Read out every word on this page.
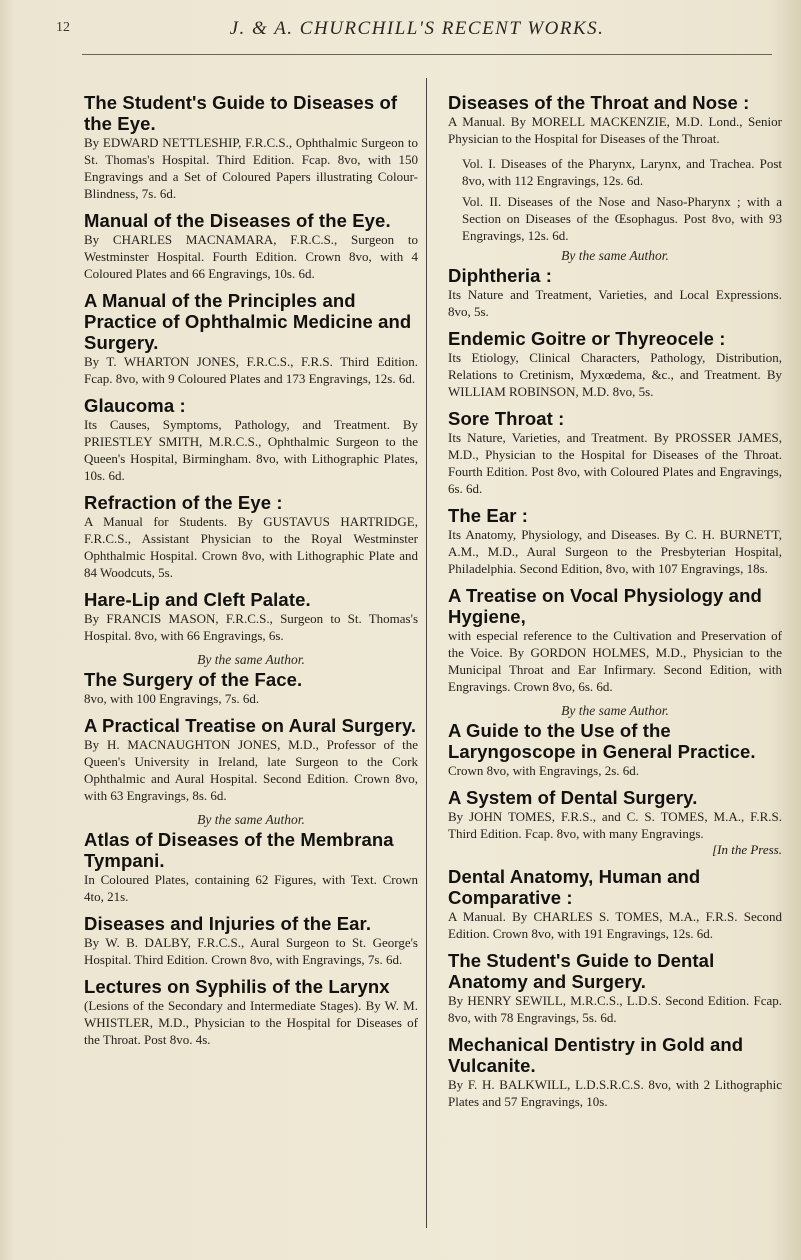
12	J. & A. CHURCHILL'S RECENT WORKS.
The Student's Guide to Diseases of the Eye.
By EDWARD NETTLESHIP, F.R.C.S., Ophthalmic Surgeon to St. Thomas's Hospital. Third Edition. Fcap. 8vo, with 150 Engravings and a Set of Coloured Papers illustrating Colour-Blindness, 7s. 6d.
Manual of the Diseases of the Eye.
By CHARLES MACNAMARA, F.R.C.S., Surgeon to Westminster Hospital. Fourth Edition. Crown 8vo, with 4 Coloured Plates and 66 Engravings, 10s. 6d.
A Manual of the Principles and Practice of Ophthalmic Medicine and Surgery.
By T. WHARTON JONES, F.R.C.S., F.R.S. Third Edition. Fcap. 8vo, with 9 Coloured Plates and 173 Engravings, 12s. 6d.
Glaucoma :
Its Causes, Symptoms, Pathology, and Treatment. By PRIESTLEY SMITH, M.R.C.S., Ophthalmic Surgeon to the Queen's Hospital, Birmingham. 8vo, with Lithographic Plates, 10s. 6d.
Refraction of the Eye :
A Manual for Students. By GUSTAVUS HARTRIDGE, F.R.C.S., Assistant Physician to the Royal Westminster Ophthalmic Hospital. Crown 8vo, with Lithographic Plate and 84 Woodcuts, 5s.
Hare-Lip and Cleft Palate.
By FRANCIS MASON, F.R.C.S., Surgeon to St. Thomas's Hospital. 8vo, with 66 Engravings, 6s.
By the same Author.
The Surgery of the Face.
8vo, with 100 Engravings, 7s. 6d.
A Practical Treatise on Aural Surgery.
By H. MACNAUGHTON JONES, M.D., Professor of the Queen's University in Ireland, late Surgeon to the Cork Ophthalmic and Aural Hospital. Second Edition. Crown 8vo, with 63 Engravings, 8s. 6d.
By the same Author.
Atlas of Diseases of the Membrana Tympani.
In Coloured Plates, containing 62 Figures, with Text. Crown 4to, 21s.
Diseases and Injuries of the Ear.
By W. B. DALBY, F.R.C.S., Aural Surgeon to St. George's Hospital. Third Edition. Crown 8vo, with Engravings, 7s. 6d.
Lectures on Syphilis of the Larynx
(Lesions of the Secondary and Intermediate Stages). By W. M. WHISTLER, M.D., Physician to the Hospital for Diseases of the Throat. Post 8vo. 4s.
Diseases of the Throat and Nose :
A Manual. By MORELL MACKENZIE, M.D. Lond., Senior Physician to the Hospital for Diseases of the Throat.
Vol. I. Diseases of the Pharynx, Larynx, and Trachea. Post 8vo, with 112 Engravings, 12s. 6d.
Vol. II. Diseases of the Nose and Naso-Pharynx ; with a Section on Diseases of the Œsophagus. Post 8vo, with 93 Engravings, 12s. 6d.
By the same Author.
Diphtheria :
Its Nature and Treatment, Varieties, and Local Expressions. 8vo, 5s.
Endemic Goitre or Thyreocele :
Its Etiology, Clinical Characters, Pathology, Distribution, Relations to Cretinism, Myxœdema, &c., and Treatment. By WILLIAM ROBINSON, M.D. 8vo, 5s.
Sore Throat :
Its Nature, Varieties, and Treatment. By PROSSER JAMES, M.D., Physician to the Hospital for Diseases of the Throat. Fourth Edition. Post 8vo, with Coloured Plates and Engravings, 6s. 6d.
The Ear :
Its Anatomy, Physiology, and Diseases. By C. H. BURNETT, A.M., M.D., Aural Surgeon to the Presbyterian Hospital, Philadelphia. Second Edition, 8vo, with 107 Engravings, 18s.
A Treatise on Vocal Physiology and Hygiene,
with especial reference to the Cultivation and Preservation of the Voice. By GORDON HOLMES, M.D., Physician to the Municipal Throat and Ear Infirmary. Second Edition, with Engravings. Crown 8vo, 6s. 6d.
By the same Author.
A Guide to the Use of the Laryngoscope in General Practice.
Crown 8vo, with Engravings, 2s. 6d.
A System of Dental Surgery.
By JOHN TOMES, F.R.S., and C. S. TOMES, M.A., F.R.S. Third Edition. Fcap. 8vo, with many Engravings.
[In the Press.
Dental Anatomy, Human and Comparative :
A Manual. By CHARLES S. TOMES, M.A., F.R.S. Second Edition. Crown 8vo, with 191 Engravings, 12s. 6d.
The Student's Guide to Dental Anatomy and Surgery.
By HENRY SEWILL, M.R.C.S., L.D.S. Second Edition. Fcap. 8vo, with 78 Engravings, 5s. 6d.
Mechanical Dentistry in Gold and Vulcanite.
By F. H. BALKWILL, L.D.S.R.C.S. 8vo, with 2 Lithographic Plates and 57 Engravings, 10s.
